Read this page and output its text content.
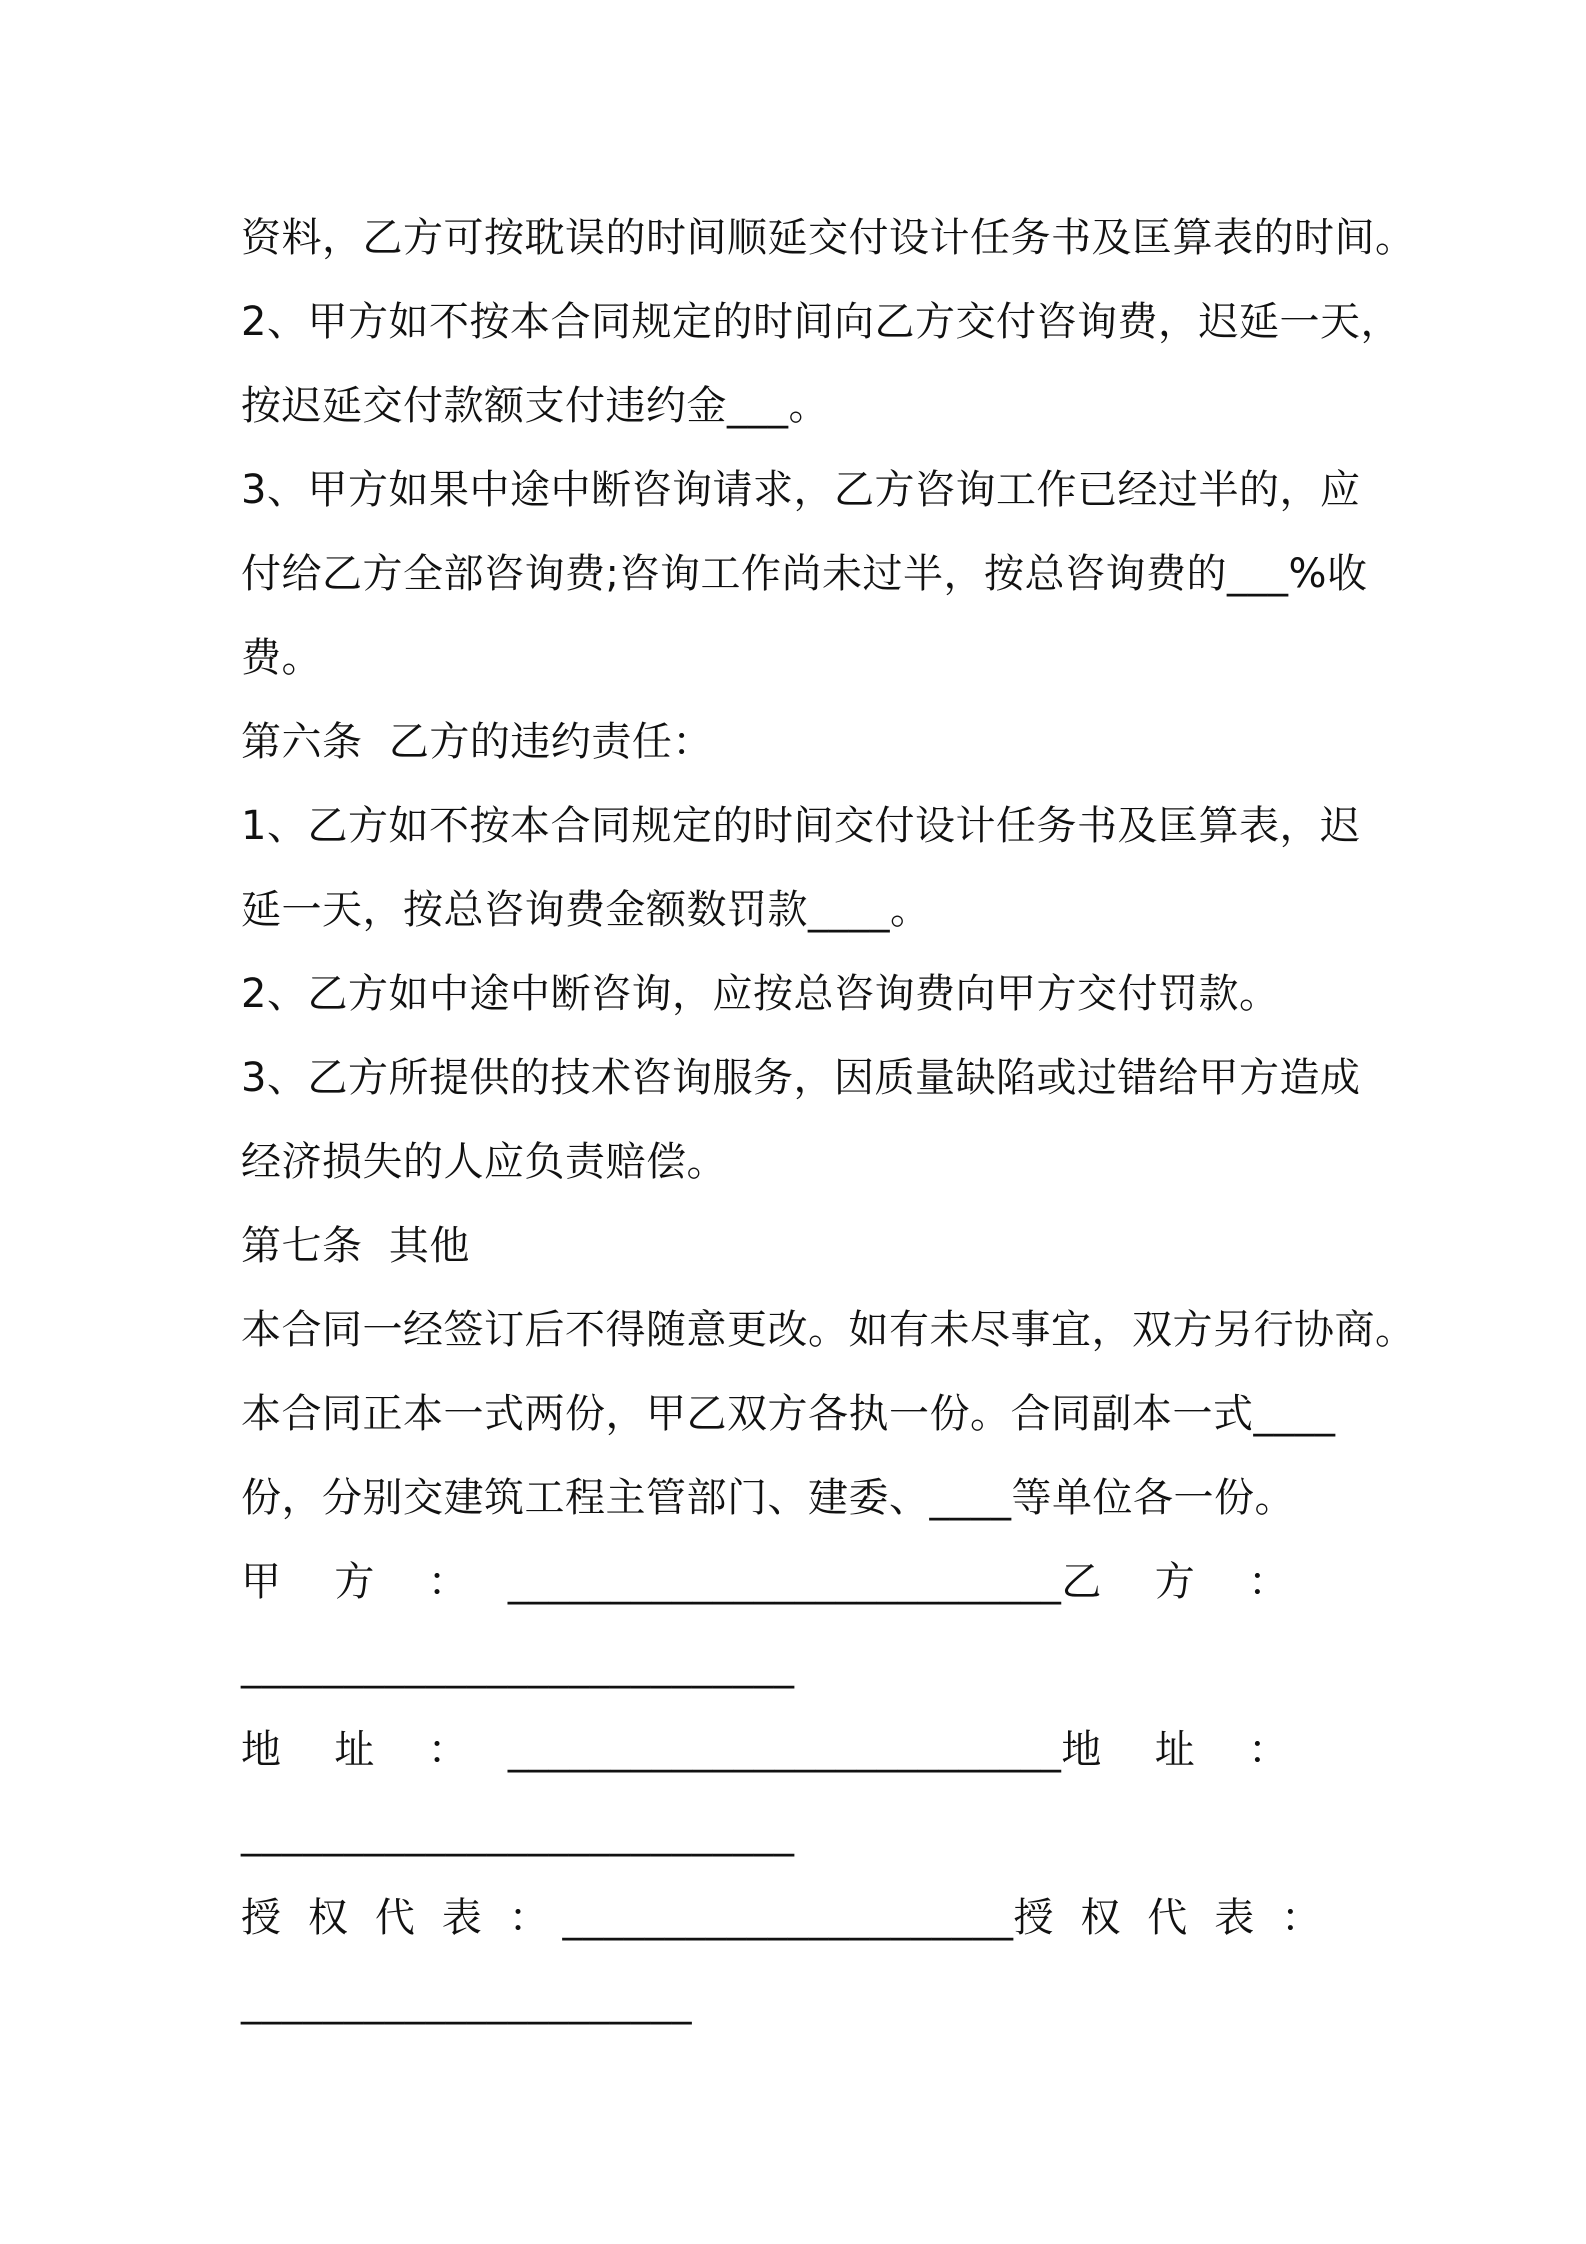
资料，乙方可按耽误的时间顺延交付设计任务书及匡算表的时间。
2、甲方如不按本合同规定的时间向乙方交付咨询费，迟延一天，
按迟延交付款额支付违约金___。
3、甲方如果中途中断咨询请求，乙方咨询工作已经过半的，应
付给乙方全部咨询费;咨询工作尚未过半，按总咨询费的___%收
费。
第六条  乙方的违约责任：
1、乙方如不按本合同规定的时间交付设计任务书及匡算表，迟
延一天，按总咨询费金额数罚款____。
2、乙方如中途中断咨询，应按总咨询费向甲方交付罚款。
3、乙方所提供的技术咨询服务，因质量缺陷或过错给甲方造成
经济损失的人应负责赔偿。
第七条  其他
本合同一经签订后不得随意更改。如有未尽事宜，双方另行协商。
本合同正本一式两份，甲乙双方各执一份。合同副本一式____
份，分别交建筑工程主管部门、建委、____等单位各一份。
甲    方    ： ___________________________乙    方    ：
___________________________
地    址    ： ___________________________地    址    ：
___________________________
授  权  代  表  ： ______________________授  权  代  表  ：
______________________
